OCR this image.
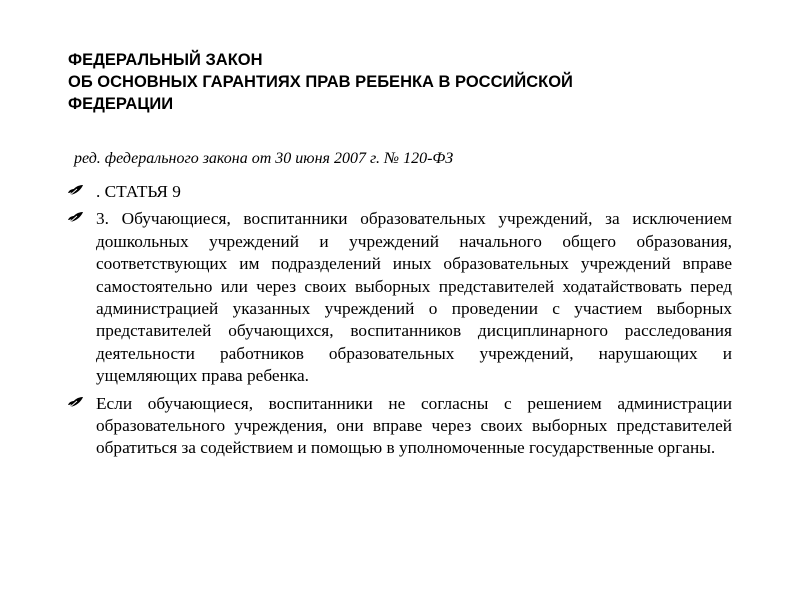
ФЕДЕРАЛЬНЫЙ ЗАКОН
ОБ ОСНОВНЫХ ГАРАНТИЯХ ПРАВ РЕБЕНКА В РОССИЙСКОЙ
ФЕДЕРАЦИИ
ред. федерального закона от 30 июня 2007 г. № 120-ФЗ
. СТАТЬЯ 9
3. Обучающиеся, воспитанники образовательных учреждений, за исключением дошкольных учреждений и учреждений начального общего образования, соответствующих им подразделений иных образовательных учреждений вправе самостоятельно или через своих выборных представителей ходатайствовать перед администрацией указанных учреждений о проведении с участием выборных представителей обучающихся, воспитанников дисциплинарного расследования деятельности работников образовательных учреждений, нарушающих и ущемляющих права ребенка.
Если обучающиеся, воспитанники не согласны с решением администрации образовательного учреждения, они вправе через своих выборных представителей обратиться за содействием и помощью в уполномоченные государственные органы.
